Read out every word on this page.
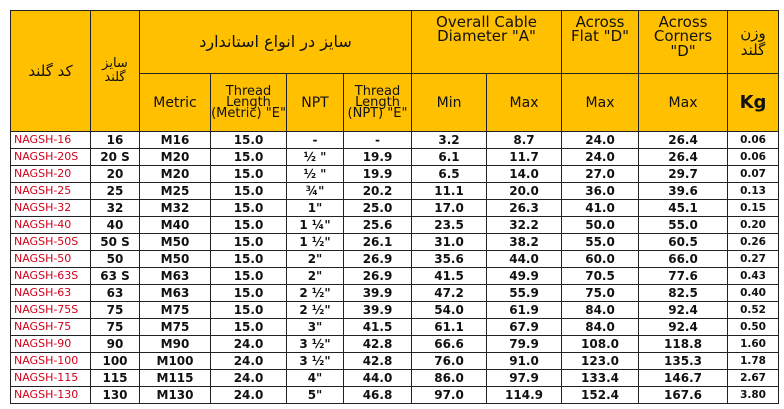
کد گلند	سایز گلند	سایز در انواع استاندارد				Overall Cable Diameter "A"		Across Flat "D"	Across Corners "D"	وزن گلند
		Metric	Thread Length (Metric) "E"	NPT	Thread Length (NPT) "E"	Min	Max	Max	Max	Kg
NAGSH-16	16	M16	15.0	-	-	3.2	8.7	24.0	26.4	0.06
NAGSH-20S	20 S	M20	15.0	½ "	19.9	6.1	11.7	24.0	26.4	0.06
NAGSH-20	20	M20	15.0	½ "	19.9	6.5	14.0	27.0	29.7	0.07
NAGSH-25	25	M25	15.0	¾"	20.2	11.1	20.0	36.0	39.6	0.13
NAGSH-32	32	M32	15.0	1"	25.0	17.0	26.3	41.0	45.1	0.15
NAGSH-40	40	M40	15.0	1 ¼"	25.6	23.5	32.2	50.0	55.0	0.20
NAGSH-50S	50 S	M50	15.0	1 ½"	26.1	31.0	38.2	55.0	60.5	0.26
NAGSH-50	50	M50	15.0	2"	26.9	35.6	44.0	60.0	66.0	0.27
NAGSH-63S	63 S	M63	15.0	2"	26.9	41.5	49.9	70.5	77.6	0.43
NAGSH-63	63	M63	15.0	2 ½"	39.9	47.2	55.9	75.0	82.5	0.40
NAGSH-75S	75	M75	15.0	2 ½"	39.9	54.0	61.9	84.0	92.4	0.52
NAGSH-75	75	M75	15.0	3"	41.5	61.1	67.9	84.0	92.4	0.50
NAGSH-90	90	M90	24.0	3 ½"	42.8	66.6	79.9	108.0	118.8	1.60
NAGSH-100	100	M100	24.0	3 ½"	42.8	76.0	91.0	123.0	135.3	1.78
NAGSH-115	115	M115	24.0	4"	44.0	86.0	97.9	133.4	146.7	2.67
NAGSH-130	130	M130	24.0	5"	46.8	97.0	114.9	152.4	167.6	3.80
